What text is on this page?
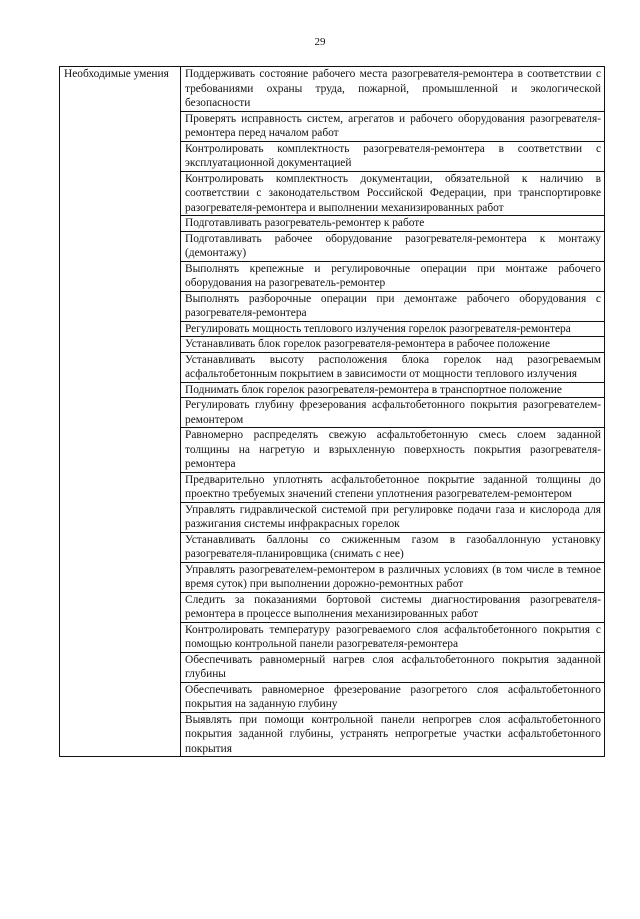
29
Необходимые умения	Поддерживать состояние рабочего места разогревателя-ремонтера в соответствии с требованиями охраны труда, пожарной, промышленной и экологической безопасности
Проверять исправность систем, агрегатов и рабочего оборудования разогревателя-ремонтера перед началом работ
Контролировать комплектность разогревателя-ремонтера в соответствии с эксплуатационной документацией
Контролировать комплектность документации, обязательной к наличию в соответствии с законодательством Российской Федерации, при транспортировке разогревателя-ремонтера и выполнении механизированных работ
Подготавливать разогреватель-ремонтер к работе
Подготавливать рабочее оборудование разогревателя-ремонтера к монтажу (демонтажу)
Выполнять крепежные и регулировочные операции при монтаже рабочего оборудования на разогреватель-ремонтер
Выполнять разборочные операции при демонтаже рабочего оборудования с разогревателя-ремонтера
Регулировать мощность теплового излучения горелок разогревателя-ремонтера
Устанавливать блок горелок разогревателя-ремонтера в рабочее положение
Устанавливать высоту расположения блока горелок над разогреваемым асфальтобетонным покрытием в зависимости от мощности теплового излучения
Поднимать блок горелок разогревателя-ремонтера в транспортное положение
Регулировать глубину фрезерования асфальтобетонного покрытия разогревателем-ремонтером
Равномерно распределять свежую асфальтобетонную смесь слоем заданной толщины на нагретую и взрыхленную поверхность покрытия разогревателя-ремонтера
Предварительно уплотнять асфальтобетонное покрытие заданной толщины до проектно требуемых значений степени уплотнения разогревателем-ремонтером
Управлять гидравлической системой при регулировке подачи газа и кислорода для разжигания системы инфракрасных горелок
Устанавливать баллоны со сжиженным газом в газобаллонную установку разогревателя-планировщика (снимать с нее)
Управлять разогревателем-ремонтером в различных условиях (в том числе в темное время суток) при выполнении дорожно-ремонтных работ
Следить за показаниями бортовой системы диагностирования разогревателя-ремонтера в процессе выполнения механизированных работ
Контролировать температуру разогреваемого слоя асфальтобетонного покрытия с помощью контрольной панели разогревателя-ремонтера
Обеспечивать равномерный нагрев слоя асфальтобетонного покрытия заданной глубины
Обеспечивать равномерное фрезерование разогретого слоя асфальтобетонного покрытия на заданную глубину
Выявлять при помощи контрольной панели непрогрев слоя асфальтобетонного покрытия заданной глубины, устранять непрогретые участки асфальтобетонного покрытия
